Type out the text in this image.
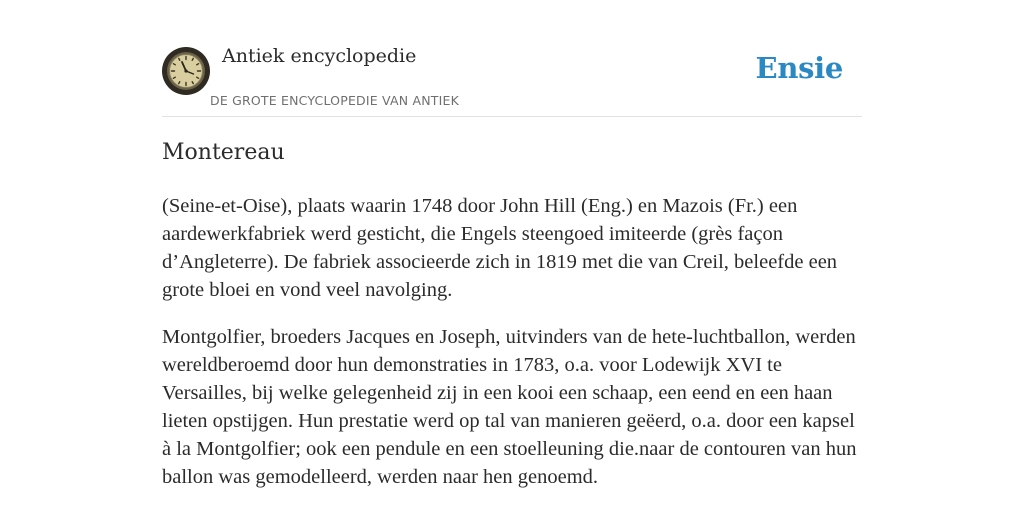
Antiek encyclopedie
DE GROTE ENCYCLOPEDIE VAN ANTIEK
Ensie
Montereau

(Seine-et-Oise), plaats waarin 1748 door John Hill (Eng.) en Mazois (Fr.) een aardewerkfabriek werd gesticht, die Engels steengoed imiteerde (grès façon d’Angleterre). De fabriek associeerde zich in 1819 met die van Creil, beleefde een grote bloei en vond veel navolging.

Montgolfier, broeders Jacques en Joseph, uitvinders van de hete-luchtballon, werden wereldberoemd door hun demonstraties in 1783, o.a. voor Lodewijk XVI te Versailles, bij welke gelegenheid zij in een kooi een schaap, een eend en een haan lieten opstijgen. Hun prestatie werd op tal van manieren geëerd, o.a. door een kapsel à la Montgolfier; ook een pendule en een stoelleuning die.naar de contouren van hun ballon was gemodelleerd, werden naar hen genoemd.
